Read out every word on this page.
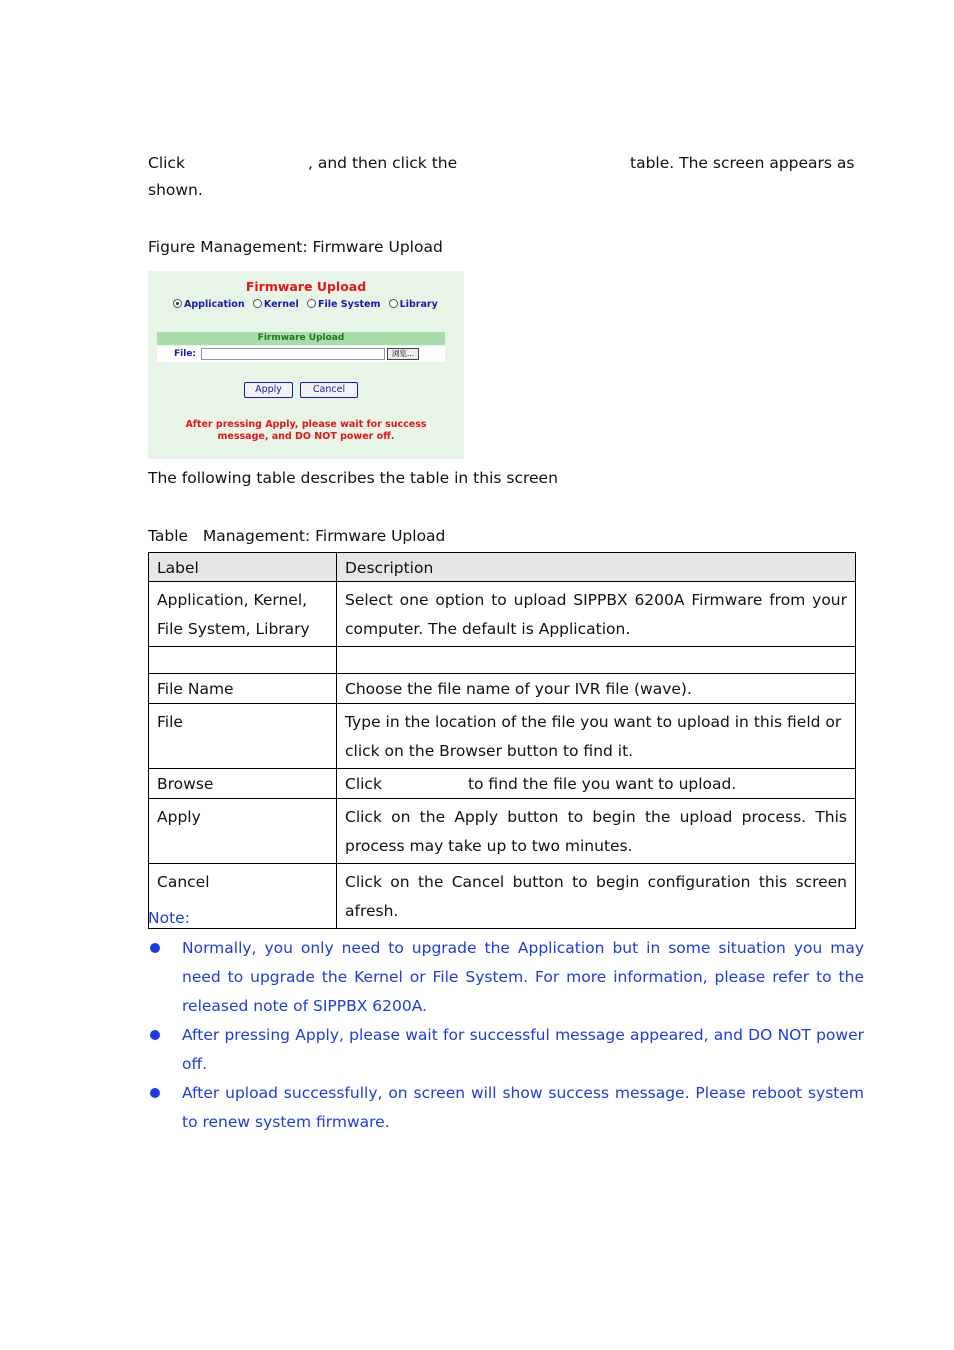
Click	, and then click the	table. The screen appears as
shown.
Figure Management: Firmware Upload
Firmware Upload
Application Kernel File System Library
Firmware Upload
File:	浏览...
Apply	Cancel
After pressing Apply, please wait for success
message, and DO NOT power off.
The following table describes the table in this screen
Table   Management: Firmware Upload
Label	Description
Application, Kernel, File System, Library	Select one option to upload SIPPBX 6200A Firmware from your computer. The default is Application.

File Name	Choose the file name of your IVR file (wave).
File	Type in the location of the file you want to upload in this field or click on the Browser button to find it.
Browse	Click to find the file you want to upload.
Apply	Click on the Apply button to begin the upload process. This process may take up to two minutes.
Cancel	Click on the Cancel button to begin configuration this screen afresh.
Note:
Normally, you only need to upgrade the Application but in some situation you may need to upgrade the Kernel or File System. For more information, please refer to the released note of SIPPBX 6200A.
After pressing Apply, please wait for successful message appeared, and DO NOT power off.
After upload successfully, on screen will show success message. Please reboot system to renew system firmware.
